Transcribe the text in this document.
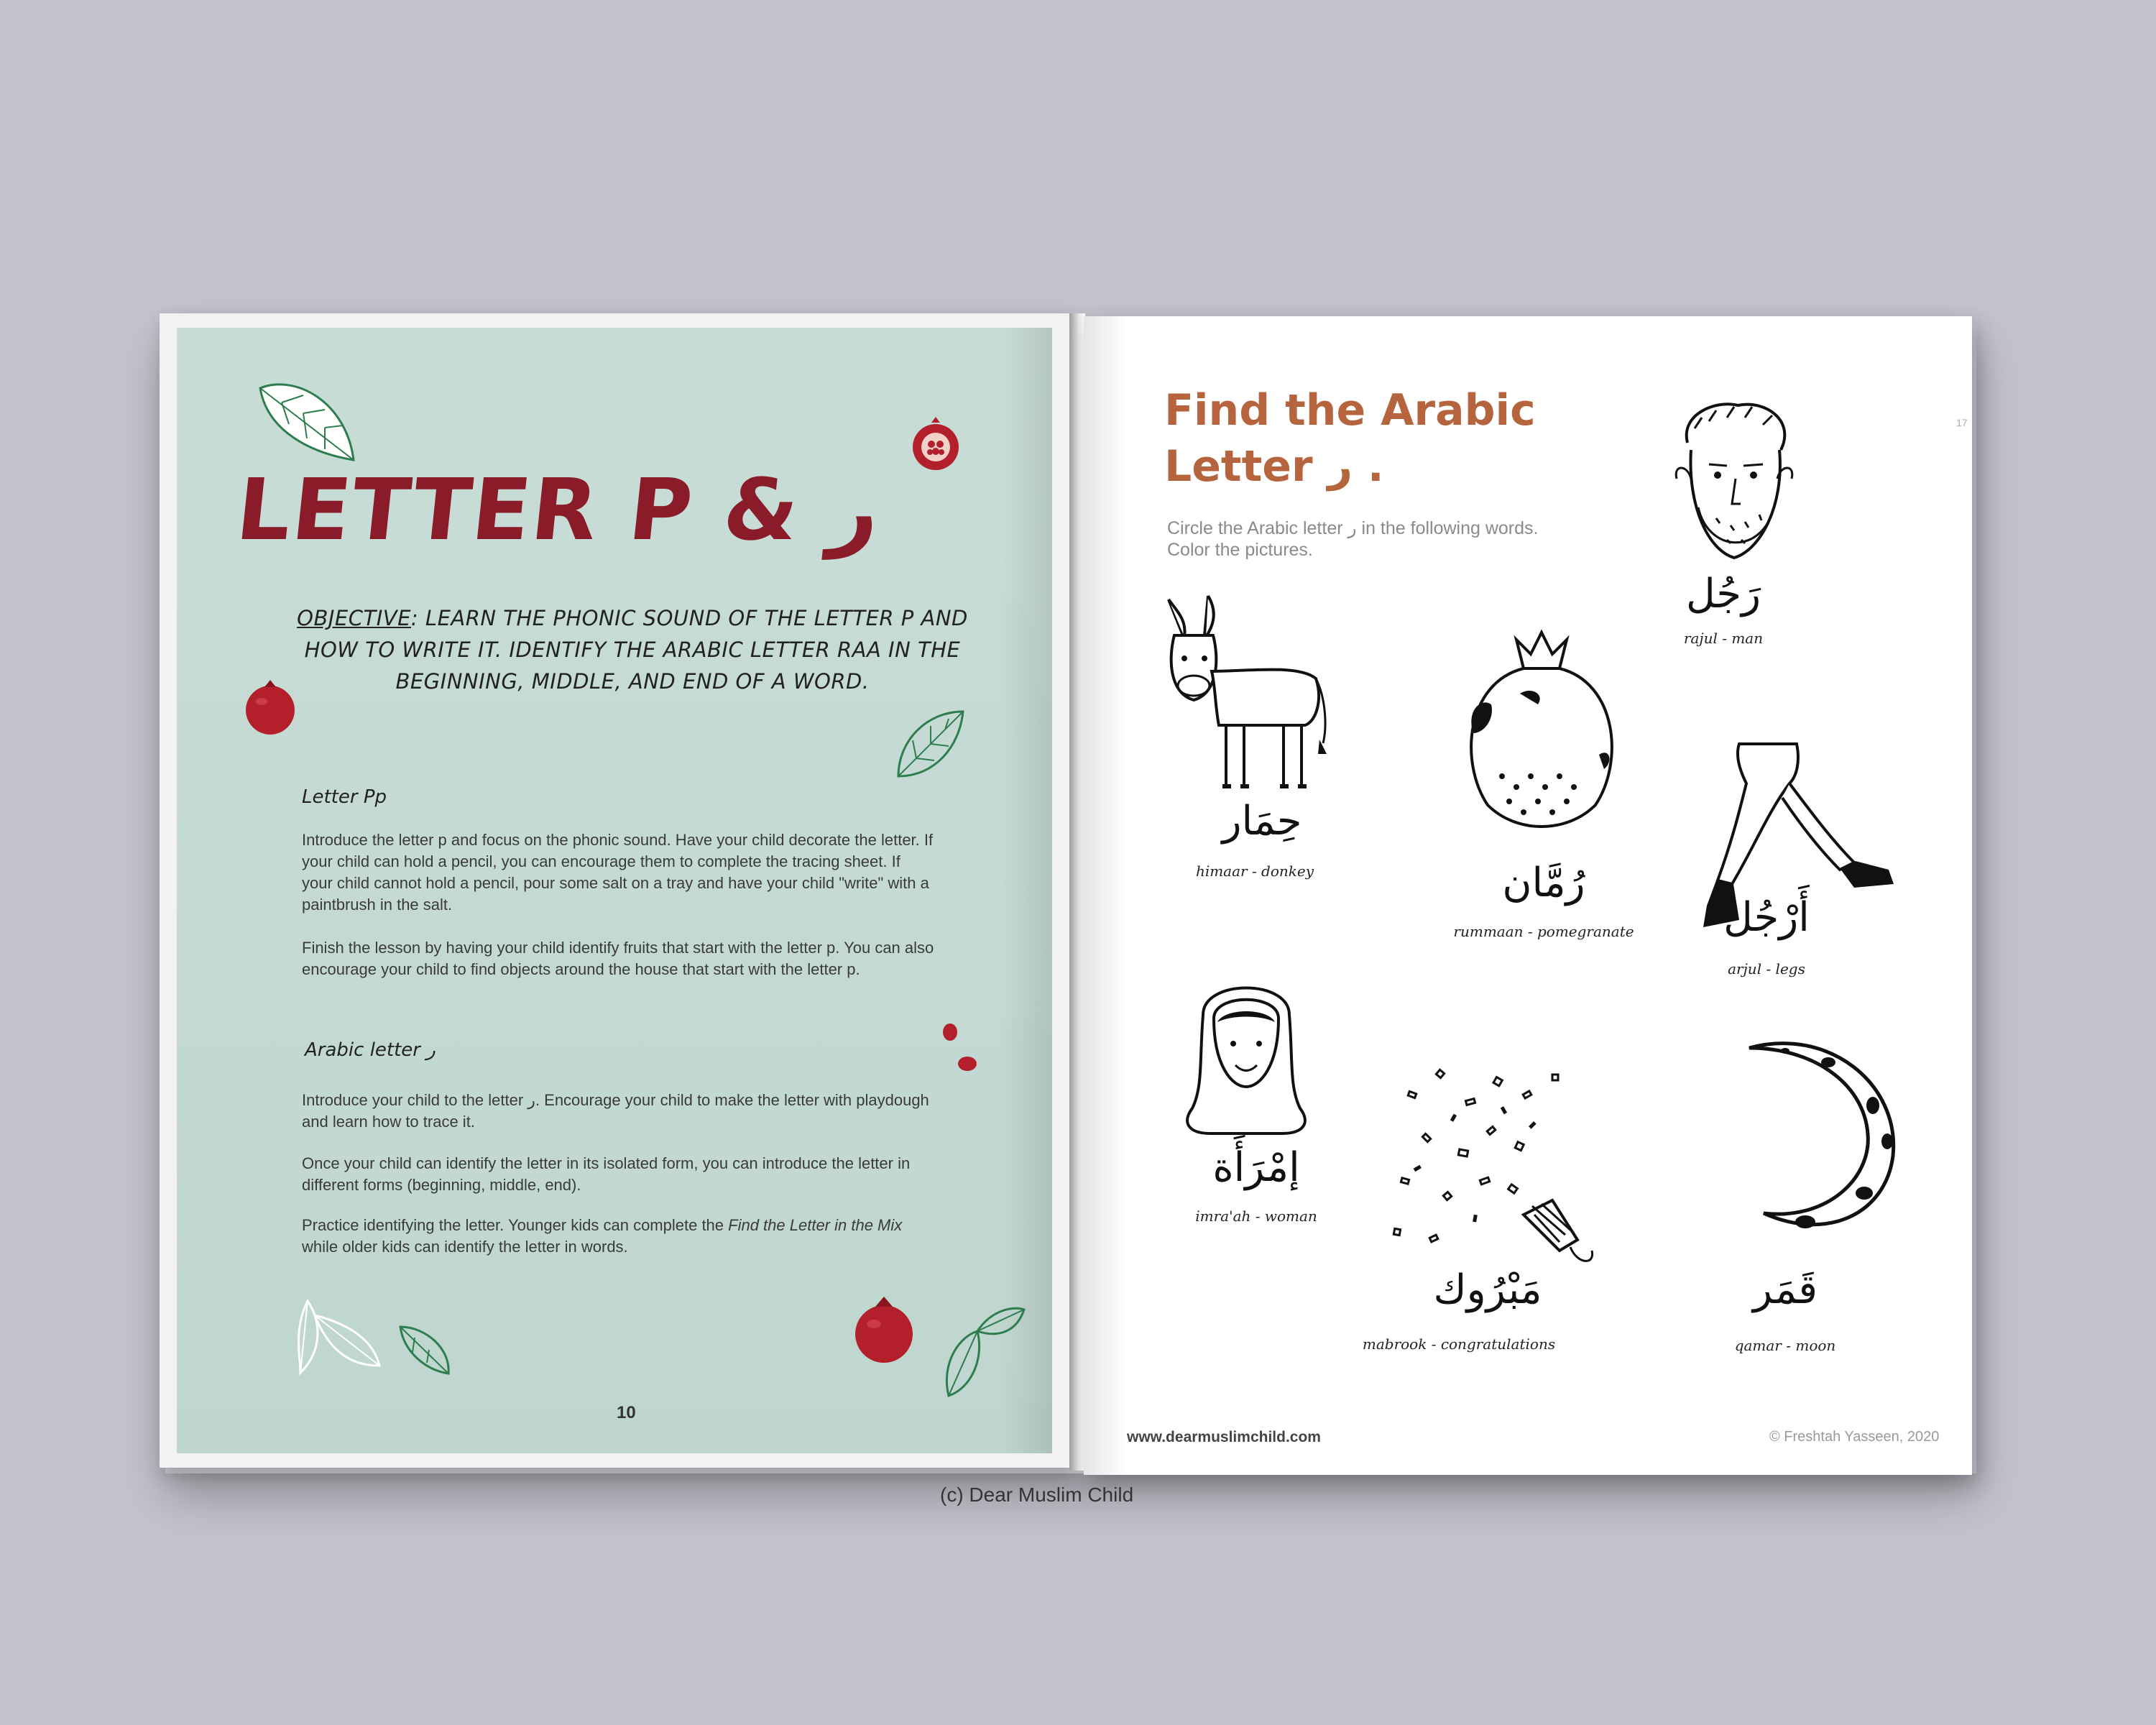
LETTER P & ر
OBJECTIVE: LEARN THE PHONIC SOUND OF THE LETTER P AND HOW TO WRITE IT. IDENTIFY THE ARABIC LETTER RAA IN THE BEGINNING, MIDDLE, AND END OF A WORD.
Letter Pp
Introduce the letter p and focus on the phonic sound. Have your child decorate the letter. If your child can hold a pencil, you can encourage them to complete the tracing sheet. If your child cannot hold a pencil, pour some salt on a tray and have your child "write" with a paintbrush in the salt.
Finish the lesson by having your child identify fruits that start with the letter p. You can also encourage your child to find objects around the house that start with the letter p.
Arabic letter ر
Introduce your child to the letter ر. Encourage your child to make the letter with playdough and learn how to trace it.
Once your child can identify the letter in its isolated form, you can introduce the letter in different forms (beginning, middle, end).
Practice identifying the letter. Younger kids can complete the Find the Letter in the Mix while older kids can identify the letter in words.
10
Find the Arabic
Letter ر .
Circle the Arabic letter ر in the following words. Color the pictures.
17
رَجُل
rajul - man
حِمَار
himaar - donkey	رُمَّان
rummaan - pomegranate	أَرْجُل
arjul - legs
إمْرَأَة
imra'ah - woman
مَبْرُوك
mabrook - congratulations
قَمَر
qamar - moon
www.dearmuslimchild.com	© Freshtah Yasseen, 2020
(c) Dear Muslim Child
